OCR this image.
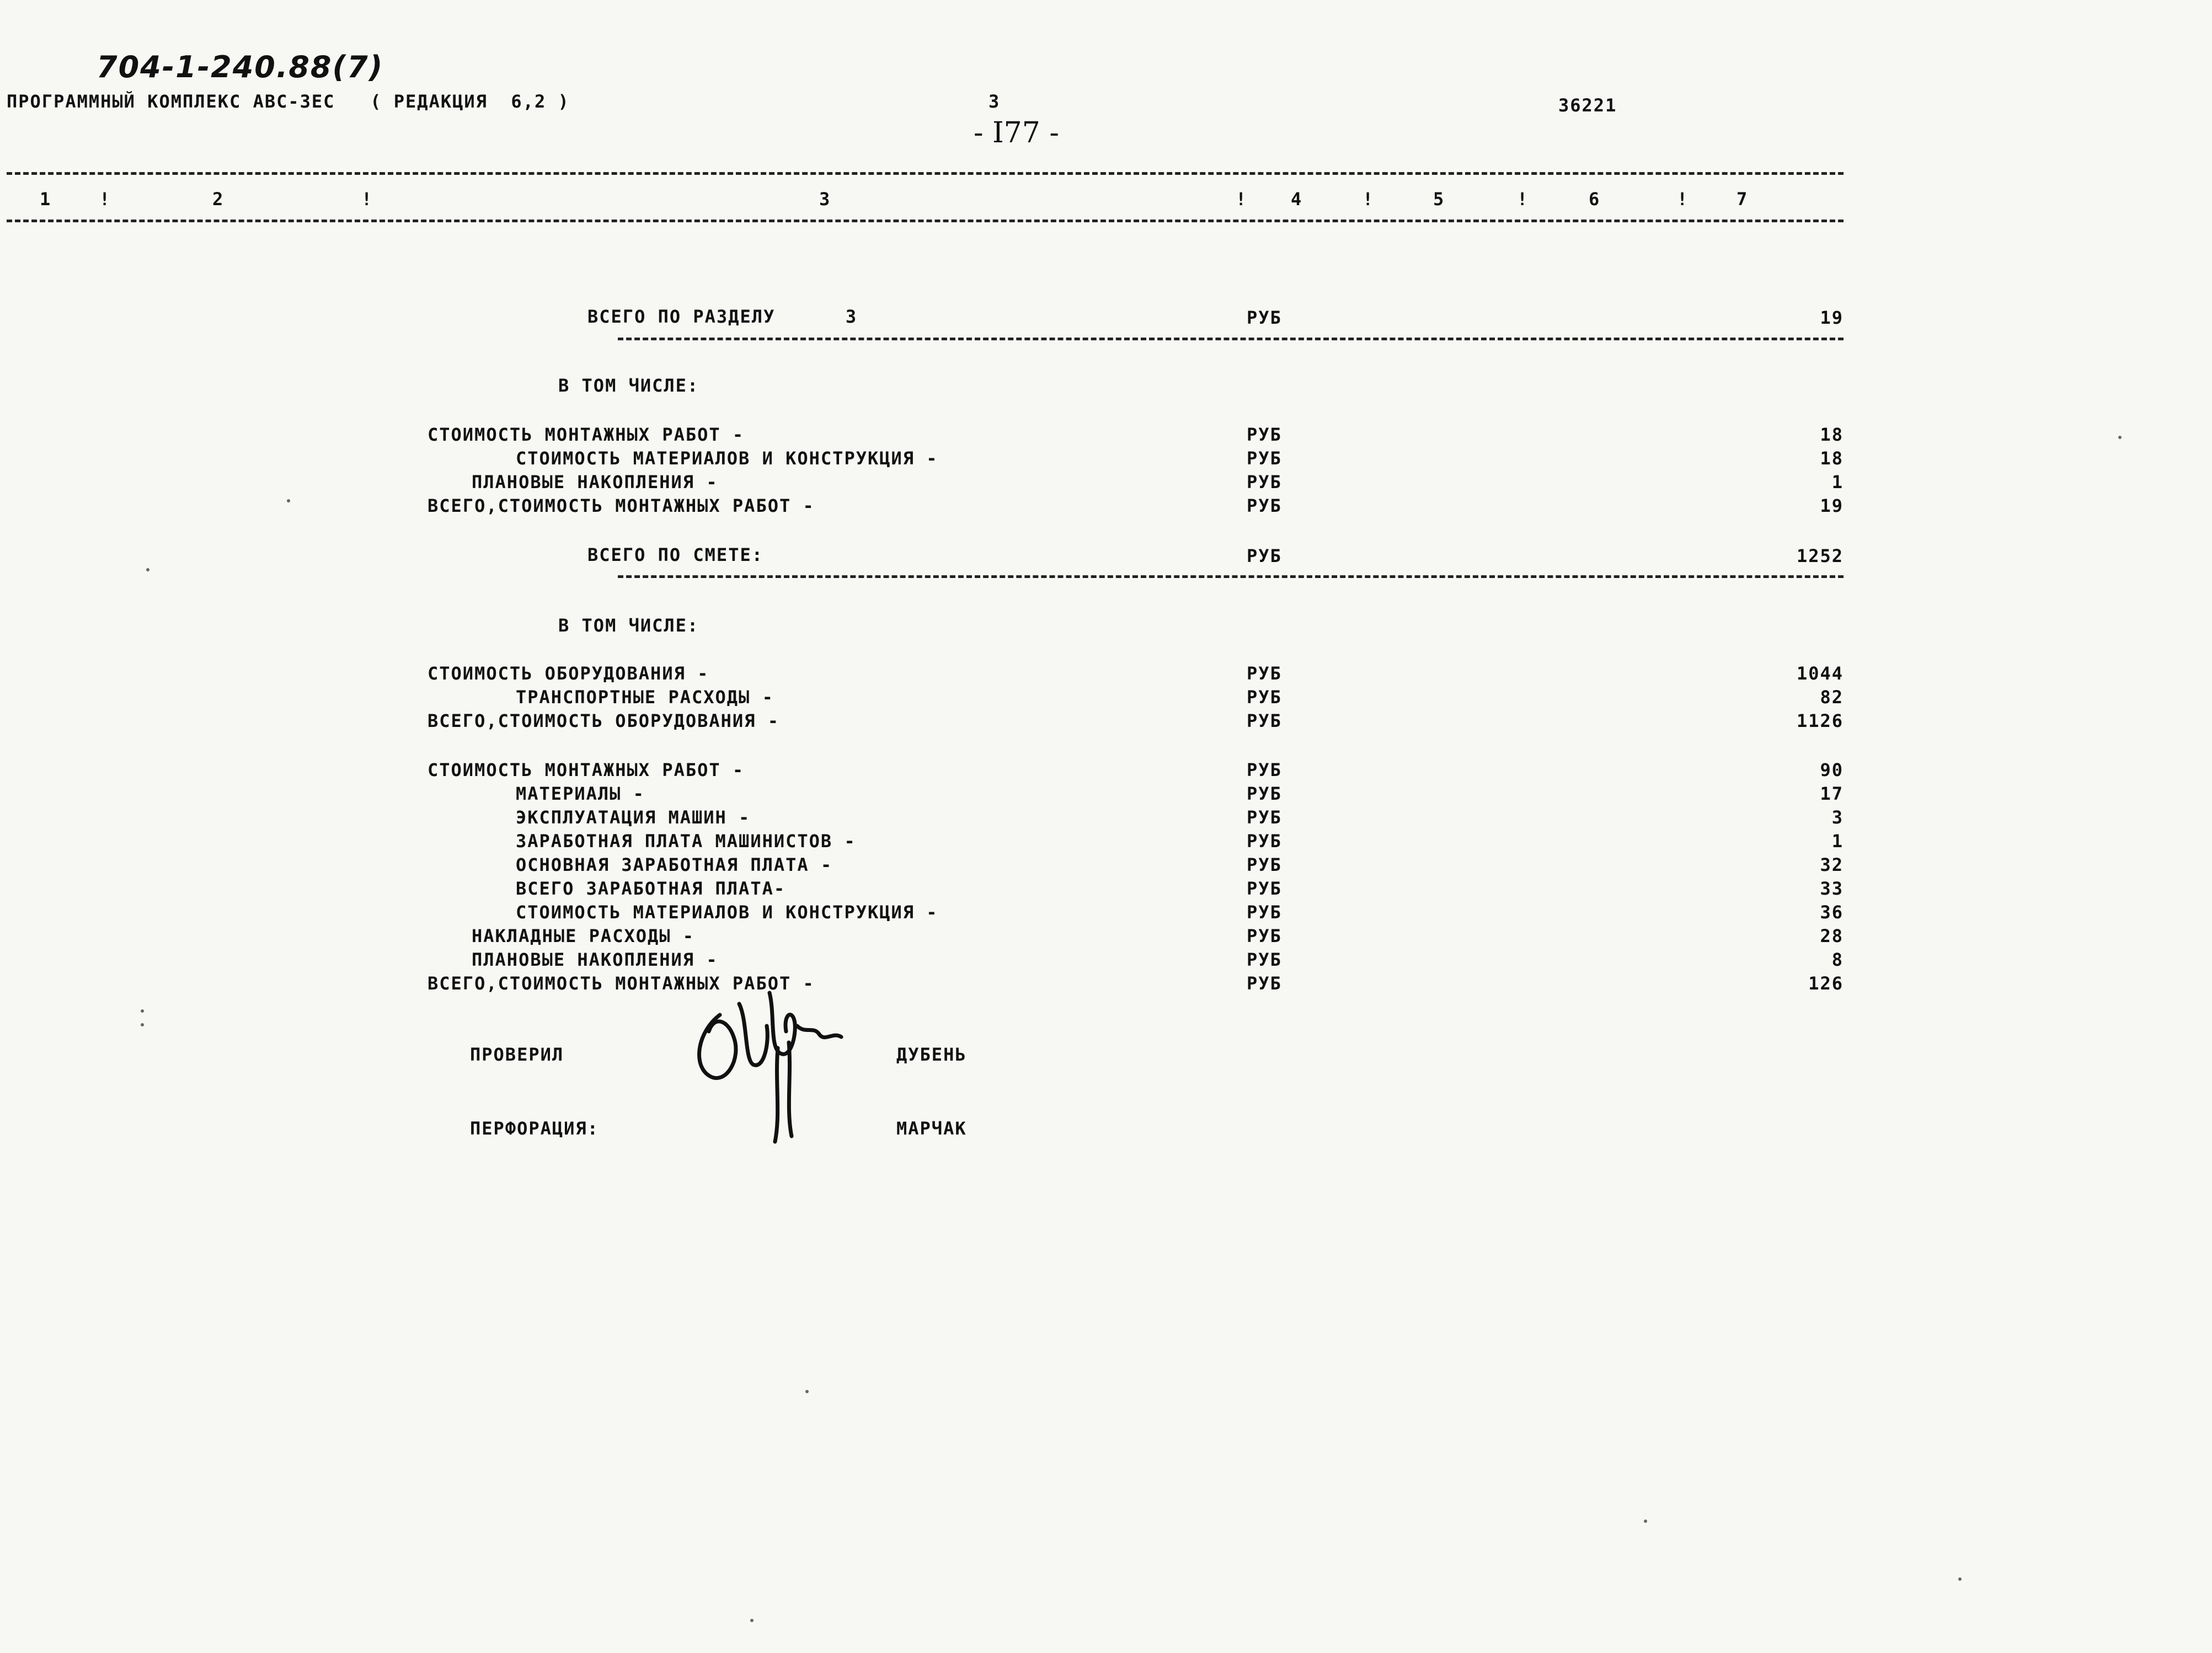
704-1-240.88(7)
ПРОГРАММНЫЙ КОМПЛЕКС АВС-3ЕС   ( РЕДАКЦИЯ  6,2 )	3	36221
- I77 -
1	!	2	!	3	! 4	!	5	!	6	!	7
ВСЕГО ПО РАЗДЕЛУ      3	РУБ	19
В ТОМ ЧИСЛЕ:
СТОИМОСТЬ МОНТАЖНЫХ РАБОТ -	РУБ	18
СТОИМОСТЬ МАТЕРИАЛОВ И КОНСТРУКЦИЯ -	РУБ	18
ПЛАНОВЫЕ НАКОПЛЕНИЯ -	РУБ	1
ВСЕГО,СТОИМОСТЬ МОНТАЖНЫХ РАБОТ -	РУБ	19
ВСЕГО ПО СМЕТЕ:	РУБ	1252
В ТОМ ЧИСЛЕ:
СТОИМОСТЬ ОБОРУДОВАНИЯ -	РУБ	1044
ТРАНСПОРТНЫЕ РАСХОДЫ -	РУБ	82
ВСЕГО,СТОИМОСТЬ ОБОРУДОВАНИЯ -	РУБ	1126
СТОИМОСТЬ МОНТАЖНЫХ РАБОТ -	РУБ	90
МАТЕРИАЛЫ -	РУБ	17
ЭКСПЛУАТАЦИЯ МАШИН -	РУБ	3
ЗАРАБОТНАЯ ПЛАТА МАШИНИСТОВ -	РУБ	1
ОСНОВНАЯ ЗАРАБОТНАЯ ПЛАТА -	РУБ	32
ВСЕГО ЗАРАБОТНАЯ ПЛАТА-	РУБ	33
СТОИМОСТЬ МАТЕРИАЛОВ И КОНСТРУКЦИЯ -	РУБ	36
НАКЛАДНЫЕ РАСХОДЫ -	РУБ	28
ПЛАНОВЫЕ НАКОПЛЕНИЯ -	РУБ	8
ВСЕГО,СТОИМОСТЬ МОНТАЖНЫХ РАБОТ -	РУБ	126
ПРОВЕРИЛ	ДУБЕНЬ
ПЕРФОРАЦИЯ:	МАРЧАК
